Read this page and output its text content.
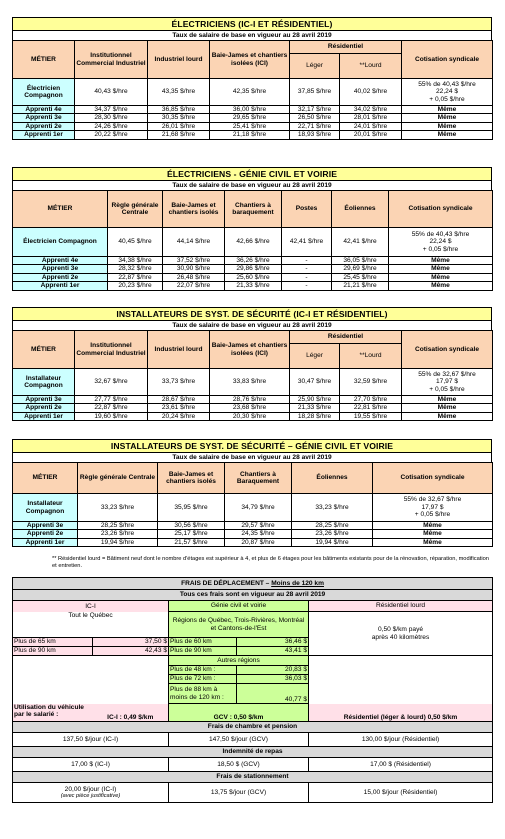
ÉLECTRICIENS (IC-I ET RÉSIDENTIEL)
Taux de salaire de base en vigueur au 28 avril 2019
MÉTIER	Institutionnel Commercial Industriel	Industriel lourd	Baie-James et chantiers isolées (ICI)	Résidentiel		Cotisation syndicale
				Léger	**Lourd	
Électricien Compagnon	40,43 $/hre	43,35 $/hre	42,35 $/hre	37,85 $/hre	40,02 $/hre	55% de 40,43 $/hre
22,24 $
+ 0,05 $/hre

Apprenti 4e	34,37 $/hre	36,85 $/hre	36,00 $/hre	32,17 $/hre	34,02 $/hre	Même
Apprenti 3e	28,30 $/hre	30,35 $/hre	29,65 $/hre	26,50 $/hre	28,01 $/hre	Même
Apprenti 2e	24,26 $/hre	26,01 $/hre	25,41 $/hre	22,71 $/hre	24,01 $/hre	Même
Apprenti 1er	20,22 $/hre	21,68 $/hre	21,18 $/hre	18,93 $/hre	20,01 $/hre	Même
ÉLECTRICIENS - GÉNIE CIVIL ET VOIRIE
Taux de salaire de base en vigueur au 28 avril 2019
MÉTIER	Règle générale Centrale	Baie-James et chantiers isolés	Chantiers à baraquement	Postes	Éoliennes	Cotisation syndicale
Électricien Compagnon	40,45 $/hre	44,14 $/hre	42,66 $/hre	42,41 $/hre	42,41 $/hre	55% de 40,43 $/hre
22,24 $
+ 0,05 $/hre

Apprenti 4e	34,38 $/hre	37,52 $/hre	36,26 $/hre	-	36,05 $/hre	Même
Apprenti 3e	28,32 $/hre	30,90 $/hre	29,86 $/hre	-	29,69 $/hre	Même
Apprenti 2e	22,87 $/hre	26,48 $/hre	25,60 $/hre	-	25,45 $/hre	Même
Apprenti 1er	20,23 $/hre	22,07 $/hre	21,33 $/hre	-	21,21 $/hre	Même
INSTALLATEURS DE SYST. DE SÉCURITÉ (IC-I ET RÉSIDENTIEL)
Taux de salaire de base en vigueur au 28 avril 2019
MÉTIER	Institutionnel Commercial Industriel	Industriel lourd	Baie-James et chantiers isolées (ICI)	Résidentiel		Cotisation syndicale
				Léger	**Lourd	
Installateur Compagnon	32,67 $/hre	33,73 $/hre	33,83 $/hre	30,47 $/hre	32,59 $/hre	55% de 32,67 $/hre
17,97 $
+ 0,05 $/hre

Apprenti 3e	27,77 $/hre	28,67 $/hre	28,76 $/hre	25,90 $/hre	27,70 $/hre	Même
Apprenti 2e	22,87 $/hre	23,61 $/hre	23,68 $/hre	21,33 $/hre	22,81 $/hre	Même
Apprenti 1er	19,60 $/hre	20,24 $/hre	20,30 $/hre	18,28 $/hre	19,55 $/hre	Même
INSTALLATEURS DE SYST. DE SÉCURITÉ – GÉNIE CIVIL ET VOIRIE
Taux de salaire de base en vigueur au 28 avril 2019
MÉTIER	Règle générale Centrale	Baie-James et chantiers isolés	Chantiers à Baraquement	Éoliennes	Cotisation syndicale
Installateur Compagnon	33,23 $/hre	35,95 $/hre	34,79 $/hre	33,23 $/hre	55% de 32,67 $/hre
17,97 $
+ 0,05 $/hre

Apprenti 3e	28,25 $/hre	30,56 $/hre	29,57 $/hre	28,25 $/hre	Même
Apprenti 2e	23,26 $/hre	25,17 $/hre	24,35 $/hre	23,26 $/hre	Même
Apprenti 1er	19,94 $/hre	21,57 $/hre	20,87 $/hre	19,94 $/hre	Même
** Résidentiel lourd = Bâtiment neuf dont le nombre d'étages est supérieur à 4, et plus de 6 étages pour les bâtiments existants pour de la rénovation, réparation, modification et entretien.
FRAIS DE DÉPLACEMENT – Moins de 120 km				
Tous ces frais sont en vigueur au 28 avril 2019				
IC-I		Génie civil et voirie		Résidentiel lourd
Tout le Québec		Régions de Québec, Trois-Rivières, Montréal et Cantons-de-l'Est		0,50 $/km payé
après 40 kilomètres

Plus de 65 km	37,50 $	Plus de 60 km	36,46 $	
Plus de 90 km	42,43 $	Plus de 90 km	43,41 $	
		Autres régions		
		Plus de 48 km :	20,83 $	
		Plus de 72 km :	36,03 $	
		Plus de 88 km à moins de 120 km :	40,77 $	
Utilisation du véhicule par le salarié :	IC-I : 0,49 $/km	GCV : 0,50 $/km		Résidentiel (léger & lourd) 0,50 $/km
Frais de chambre et pension				
137,50 $/jour (IC-I)		147,50 $/jour (GCV)		130,00 $/jour (Résidentiel)
Indemnité de repas				
17,00 $ (IC-I)		18,50 $ (GCV)		17,00 $ (Résidentiel)
Frais de stationnement				

20,00 $/jour (IC-I)
(avec pièce justificative)		13,75 $/jour (GCV)		15,00 $/jour (Résidentiel)
